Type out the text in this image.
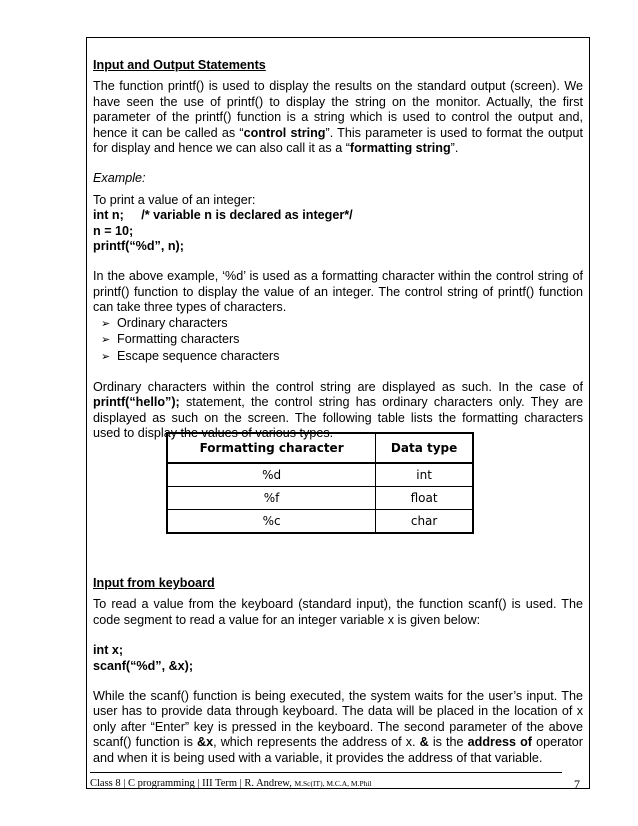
Input and Output Statements

The function printf() is used to display the results on the standard output (screen). We have seen the use of printf() to display the string on the monitor. Actually, the first parameter of the printf() function is a string which is used to control the output and, hence it can be called as “control string”. This parameter is used to format the output for display and hence we can also call it as a “formatting string”.

Example:

To print a value of an integer:

int n;     /* variable n is declared as integer*/

n = 10;

printf(“%d”, n);

In the above example, ‘%d’ is used as a formatting character within the control string of printf() function to display the value of an integer. The control string of printf() function can take three types of characters.

➢ Ordinary characters
➢ Formatting characters
➢ Escape sequence characters

Ordinary characters within the control string are displayed as such. In the case of printf(“hello”); statement, the control string has ordinary characters only. They are displayed as such on the screen. The following table lists the formatting characters used to display the values of various types.

Formatting character	Data type
%d	int
%f	float
%c	char

Input from keyboard

To read a value from the keyboard (standard input), the function scanf() is used. The code segment to read a value for an integer variable x is given below:

int x;

scanf(“%d”, &x);

While the scanf() function is being executed, the system waits for the user’s input. The user has to provide data through keyboard. The data will be placed in the location of x only after “Enter” key is pressed in the keyboard. The second parameter of the above scanf() function is &x, which represents the address of x. & is the address of operator and when it is being used with a variable, it provides the address of that variable.

Class 8 | C programming | III Term | R. Andrew, M.Sc(IT), M.C.A, M.Phil	7
